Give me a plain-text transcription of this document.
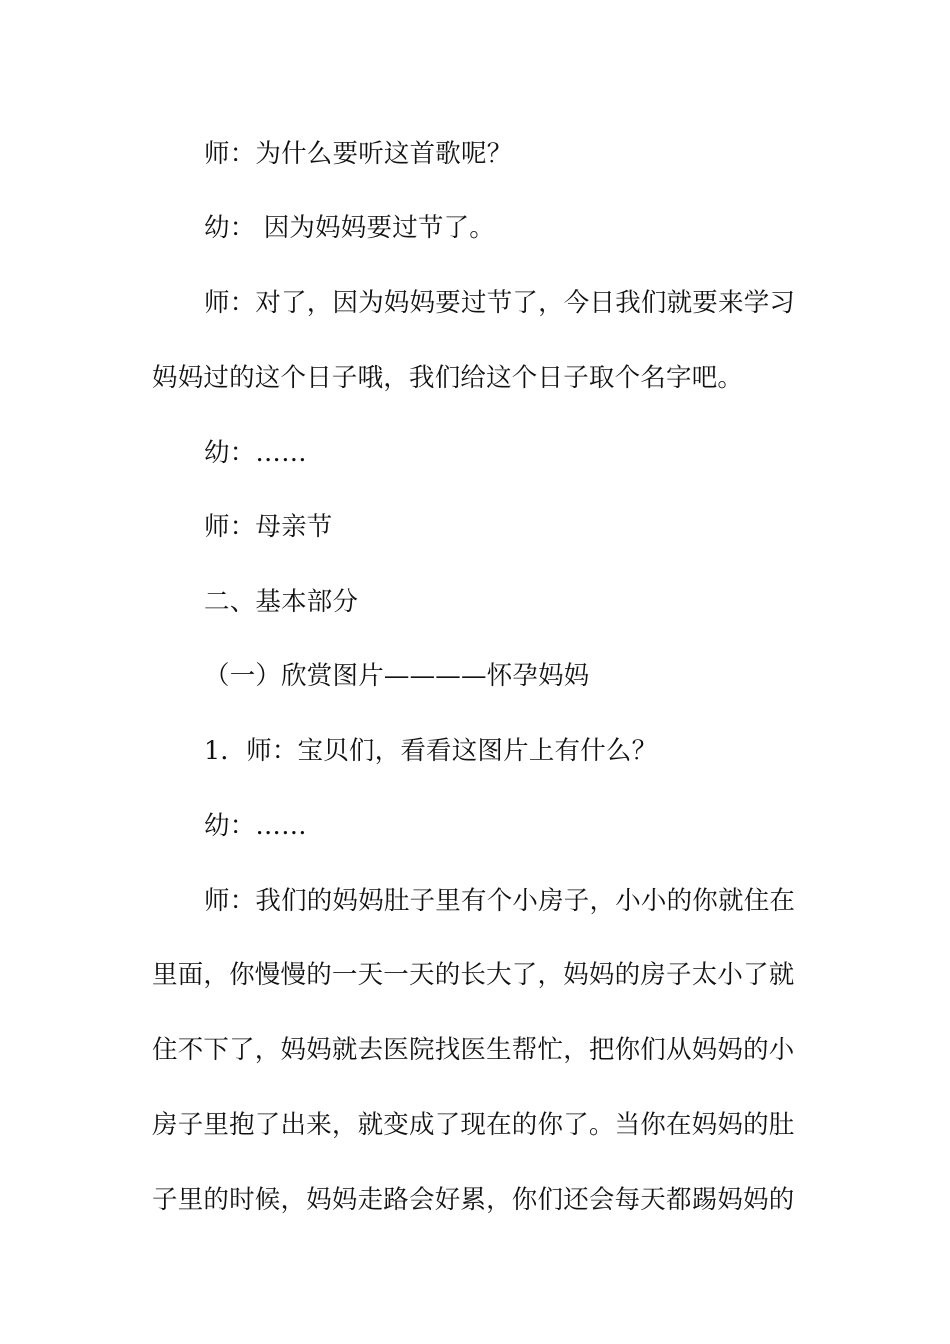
师：为什么要听这首歌呢？
幼： 因为妈妈要过节了。
师：对了，因为妈妈要过节了，今日我们就要来学习
妈妈过的这个日子哦，我们给这个日子取个名字吧。
幼：……
师：母亲节
二、基本部分
（一）欣赏图片————怀孕妈妈
1．师：宝贝们，看看这图片上有什么？
幼：……
师：我们的妈妈肚子里有个小房子，小小的你就住在
里面，你慢慢的一天一天的长大了，妈妈的房子太小了就
住不下了，妈妈就去医院找医生帮忙，把你们从妈妈的小
房子里抱了出来，就变成了现在的你了。当你在妈妈的肚
子里的时候，妈妈走路会好累，你们还会每天都踢妈妈的
